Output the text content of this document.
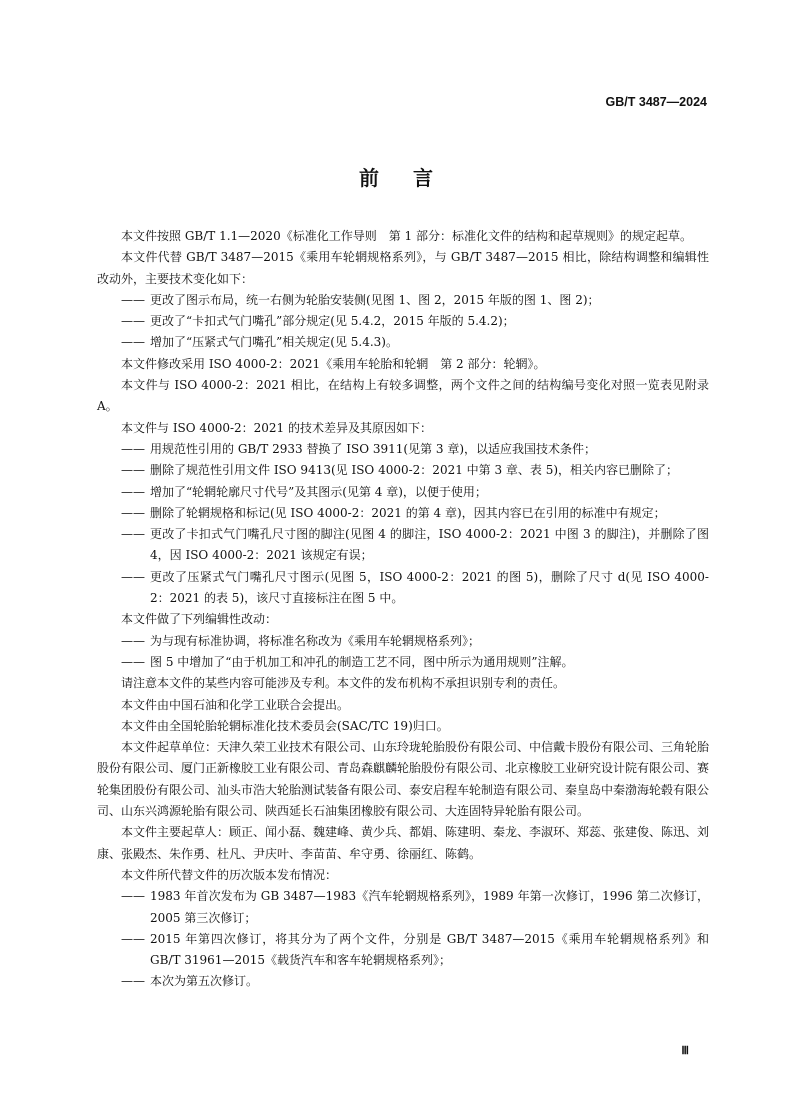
GB/T 3487—2024
前言

本文件按照 GB/T 1.1—2020《标准化工作导则　第 1 部分：标准化文件的结构和起草规则》的规定起草。

本文件代替 GB/T 3487—2015《乘用车轮辋规格系列》，与 GB/T 3487—2015 相比，除结构调整和编辑性改动外，主要技术变化如下：

—— 更改了图示布局，统一右侧为轮胎安装侧(见图 1、图 2，2015 年版的图 1、图 2)；

—— 更改了“卡扣式气门嘴孔”部分规定(见 5.4.2，2015 年版的 5.4.2)；

—— 增加了“压紧式气门嘴孔”相关规定(见 5.4.3)。

本文件修改采用 ISO 4000-2：2021《乘用车轮胎和轮辋　第 2 部分：轮辋》。

本文件与 ISO 4000-2：2021 相比，在结构上有较多调整，两个文件之间的结构编号变化对照一览表见附录 A。

本文件与 ISO 4000-2：2021 的技术差异及其原因如下：

—— 用规范性引用的 GB/T 2933 替换了 ISO 3911(见第 3 章)，以适应我国技术条件；

—— 删除了规范性引用文件 ISO 9413(见 ISO 4000-2：2021 中第 3 章、表 5)，相关内容已删除了；

—— 增加了“轮辋轮廓尺寸代号”及其图示(见第 4 章)，以便于使用；

—— 删除了轮辋规格和标记(见 ISO 4000-2：2021 的第 4 章)，因其内容已在引用的标准中有规定；

—— 更改了卡扣式气门嘴孔尺寸图的脚注(见图 4 的脚注，ISO 4000-2：2021 中图 3 的脚注)，并删除了图 4，因 ISO 4000-2：2021 该规定有误；

—— 更改了压紧式气门嘴孔尺寸图示(见图 5，ISO 4000-2：2021 的图 5)，删除了尺寸 d(见 ISO 4000-2：2021 的表 5)，该尺寸直接标注在图 5 中。

本文件做了下列编辑性改动：

—— 为与现有标准协调，将标准名称改为《乘用车轮辋规格系列》；

—— 图 5 中增加了“由于机加工和冲孔的制造工艺不同，图中所示为通用规则”注解。

请注意本文件的某些内容可能涉及专利。本文件的发布机构不承担识别专利的责任。

本文件由中国石油和化学工业联合会提出。

本文件由全国轮胎轮辋标准化技术委员会(SAC/TC 19)归口。

本文件起草单位：天津久荣工业技术有限公司、山东玲珑轮胎股份有限公司、中信戴卡股份有限公司、三角轮胎股份有限公司、厦门正新橡胶工业有限公司、青岛森麒麟轮胎股份有限公司、北京橡胶工业研究设计院有限公司、赛轮集团股份有限公司、汕头市浩大轮胎测试装备有限公司、泰安启程车轮制造有限公司、秦皇岛中秦渤海轮毂有限公司、山东兴鸿源轮胎有限公司、陕西延长石油集团橡胶有限公司、大连固特异轮胎有限公司。

本文件主要起草人：顾正、闻小磊、魏建峰、黄少兵、都娟、陈建明、秦龙、李淑环、郑蕊、张建俊、陈迅、刘康、张殿杰、朱作勇、杜凡、尹庆叶、李苗苗、牟守勇、徐丽红、陈鹤。

本文件所代替文件的历次版本发布情况：

—— 1983 年首次发布为 GB 3487—1983《汽车轮辋规格系列》，1989 年第一次修订，1996 第二次修订，2005 第三次修订；

—— 2015 年第四次修订，将其分为了两个文件，分别是 GB/T 3487—2015《乘用车轮辋规格系列》和 GB/T 31961—2015《载货汽车和客车轮辋规格系列》；

—— 本次为第五次修订。

Ⅲ
